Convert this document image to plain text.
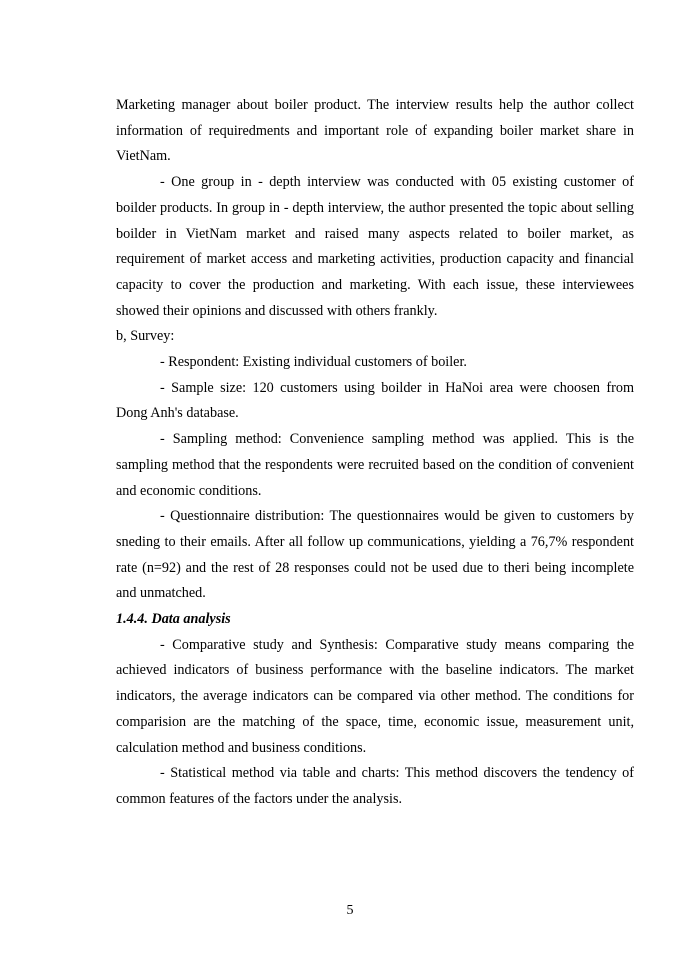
Marketing manager about boiler product. The interview results help the author collect information of requiredments and important role of expanding boiler market share in VietNam.

- One group in - depth interview was conducted with 05 existing customer of boilder products. In group in - depth interview, the author presented the topic about selling boilder in VietNam market and raised many aspects related to boiler market, as requirement of market access and marketing activities, production capacity and financial capacity to cover the production and marketing. With each issue, these interviewees showed their opinions and discussed with others frankly.

b, Survey:

- Respondent: Existing individual customers of boiler.

- Sample size: 120 customers using boilder in HaNoi area were choosen from Dong Anh's database.

- Sampling method: Convenience sampling method was applied. This is the sampling method that the respondents were recruited based on the condition of convenient and economic conditions.

- Questionnaire distribution: The questionnaires would be given to customers by sneding to their emails. After all follow up communications, yielding a 76,7% respondent rate (n=92) and the rest of 28 responses could not be used due to theri being incomplete and unmatched.

1.4.4. Data analysis

- Comparative study and Synthesis: Comparative study means comparing the achieved indicators of business performance with the baseline indicators. The market indicators, the average indicators can be compared via other method. The conditions for comparision are the matching of the space, time, economic issue, measurement unit, calculation method and business conditions.

- Statistical method via table and charts: This method discovers the tendency of common features of the factors under the analysis.

5
